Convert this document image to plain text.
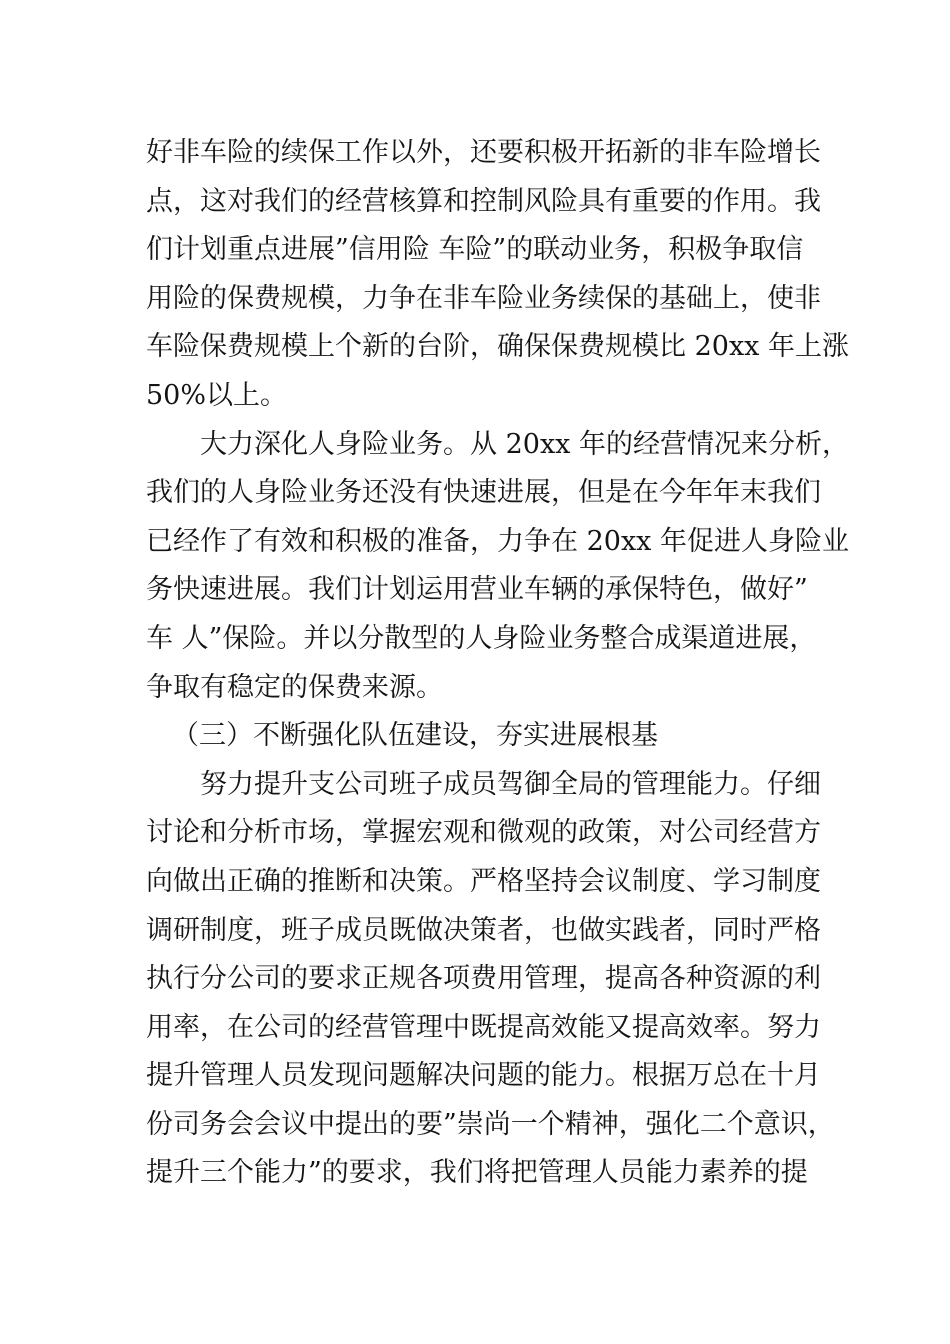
好非车险的续保工作以外，还要积极开拓新的非车险增长
点，这对我们的经营核算和控制风险具有重要的作用。我
们计划重点进展”信用险 车险”的联动业务，积极争取信
用险的保费规模，力争在非车险业务续保的基础上，使非
车险保费规模上个新的台阶，确保保费规模比 20xx 年上涨
50%以上。
大力深化人身险业务。从 20xx 年的经营情况来分析，
我们的人身险业务还没有快速进展，但是在今年年末我们
已经作了有效和积极的准备，力争在 20xx 年促进人身险业
务快速进展。我们计划运用营业车辆的承保特色，做好”
车 人”保险。并以分散型的人身险业务整合成渠道进展，
争取有稳定的保费来源。
（三）不断强化队伍建设，夯实进展根基
努力提升支公司班子成员驾御全局的管理能力。仔细
讨论和分析市场，掌握宏观和微观的政策，对公司经营方
向做出正确的推断和决策。严格坚持会议制度、学习制度
调研制度，班子成员既做决策者，也做实践者，同时严格
执行分公司的要求正规各项费用管理，提高各种资源的利
用率，在公司的经营管理中既提高效能又提高效率。努力
提升管理人员发现问题解决问题的能力。根据万总在十月
份司务会会议中提出的要”崇尚一个精神，强化二个意识，
提升三个能力”的要求，我们将把管理人员能力素养的提
